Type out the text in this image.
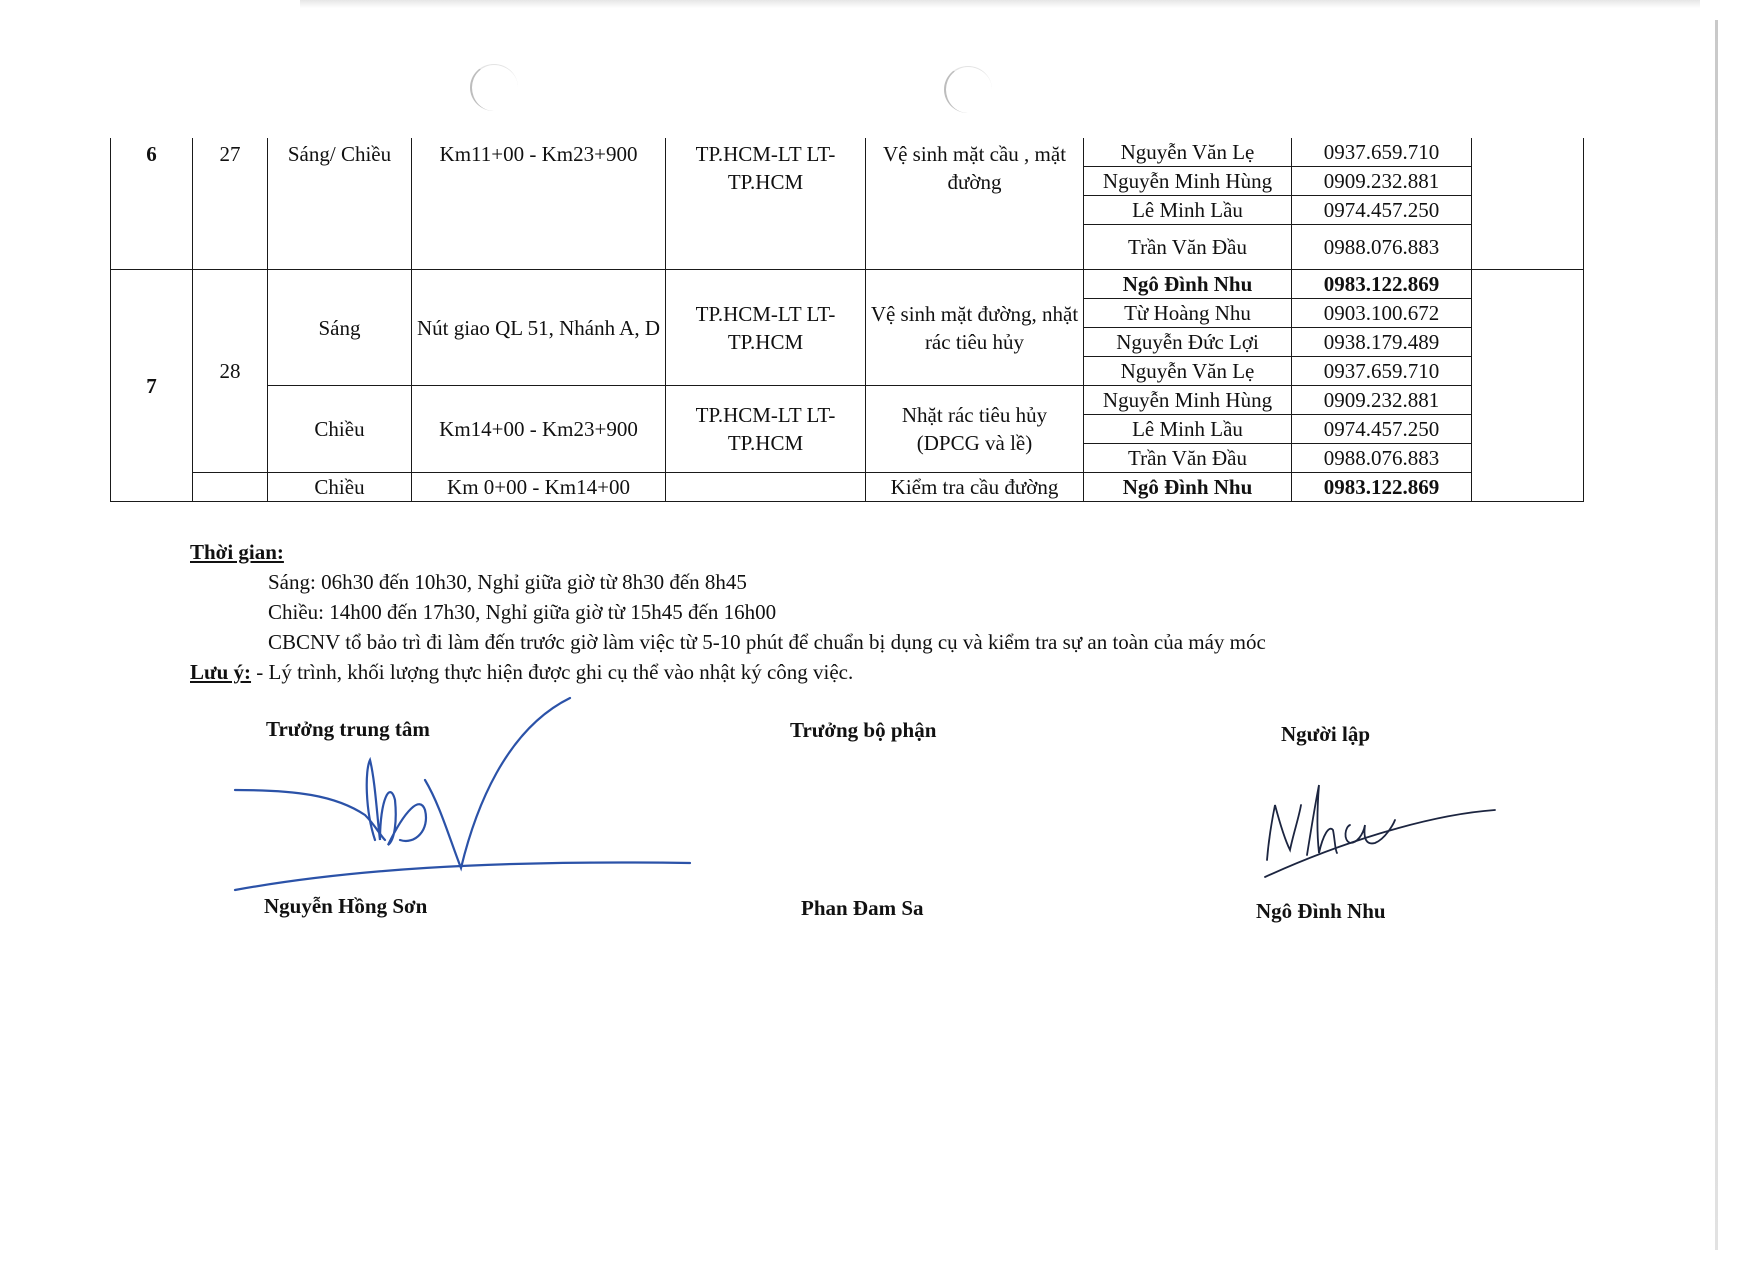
6	27	Sáng/ Chiều	Km11+00 - Km23+900	TP.HCM-LT LT-TP.HCM	Vệ sinh mặt cầu , mặt đường	Nguyễn Văn Lẹ	0937.659.710	
						Nguyễn Minh Hùng	0909.232.881	
						Lê Minh Lầu	0974.457.250	
						Trần Văn Đầu	0988.076.883	
7	28	Sáng	Nút giao QL 51, Nhánh A, D	TP.HCM-LT LT-TP.HCM	Vệ sinh mặt đường, nhặt rác tiêu hủy	Ngô Đình Nhu	0983.122.869	
						Từ Hoàng Nhu	0903.100.672	
						Nguyễn Đức Lợi	0938.179.489	
						Nguyễn Văn Lẹ	0937.659.710	
		Chiều	Km14+00 - Km23+900	TP.HCM-LT LT-TP.HCM	Nhặt rác tiêu hủy (DPCG và lề)	Nguyễn Minh Hùng	0909.232.881	
						Lê Minh Lầu	0974.457.250	
						Trần Văn Đầu	0988.076.883	
		Chiều	Km 0+00 - Km14+00		Kiểm tra cầu đường	Ngô Đình Nhu	0983.122.869	
Thời gian:
Sáng: 06h30 đến 10h30, Nghỉ giữa giờ từ 8h30 đến 8h45
Chiều: 14h00 đến 17h30, Nghỉ giữa giờ từ 15h45 đến 16h00
CBCNV tổ bảo trì đi làm đến trước giờ làm việc từ 5-10 phút để chuẩn bị dụng cụ và kiểm tra sự an toàn của máy móc
Lưu ý: - Lý trình, khối lượng thực hiện được ghi cụ thể vào nhật ký công việc.
Trưởng trung tâm	Trưởng bộ phận	Người lập
Nguyễn Hồng Sơn	Phan Đam Sa	Ngô Đình Nhu
